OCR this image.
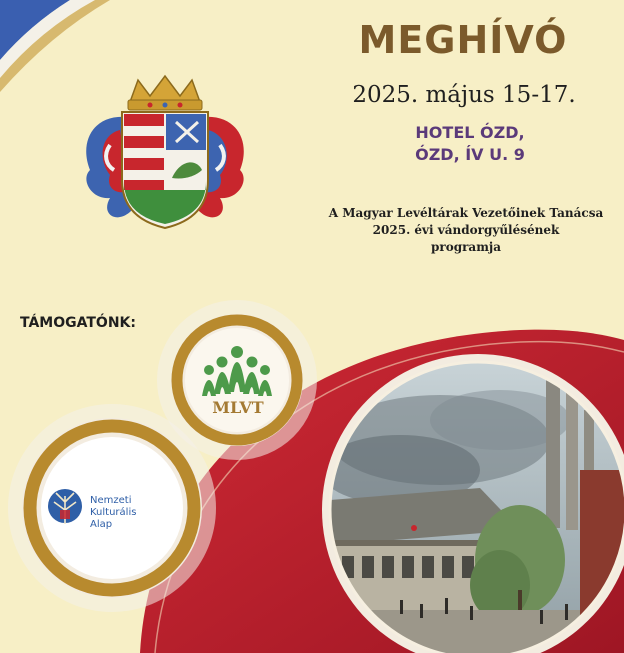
MEGHÍVÓ
2025. május 15-17.
HOTEL ÓZD,
ÓZD, ÍV U. 9
A Magyar Levéltárak Vezetőinek Tanácsa
2025. évi vándorgyűlésének
programja
TÁMOGATÓNK:
MLVT
Nemzeti
Kulturális
Alap
